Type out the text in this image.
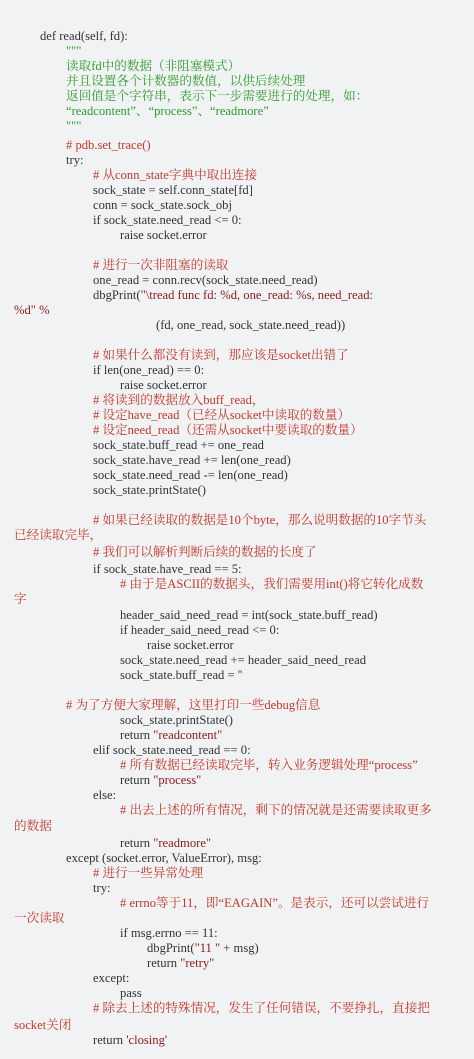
def read(self, fd):
"""
读取fd中的数据（非阻塞模式）
并且设置各个计数器的数值，以供后续处理
返回值是个字符串，表示下一步需要进行的处理，如：
“readcontent”、“process”、“readmore”
"""
# pdb.set_trace()
try:
# 从conn_state字典中取出连接
sock_state = self.conn_state[fd]
conn = sock_state.sock_obj
if sock_state.need_read <= 0:
raise socket.error
# 进行一次非阻塞的读取
one_read = conn.recv(sock_state.need_read)
dbgPrint("\tread func fd: %d, one_read: %s, need_read:
%d" %
(fd, one_read, sock_state.need_read))
# 如果什么都没有读到，那应该是socket出错了
if len(one_read) == 0:
raise socket.error
# 将读到的数据放入buff_read，
# 设定have_read（已经从socket中读取的数量）
# 设定need_read（还需从socket中要读取的数量）
sock_state.buff_read += one_read
sock_state.have_read += len(one_read)
sock_state.need_read -= len(one_read)
sock_state.printState()
# 如果已经读取的数据是10个byte，那么说明数据的10字节头
已经读取完毕，
# 我们可以解析判断后续的数据的长度了
if sock_state.have_read == 5:
# 由于是ASCII的数据头，我们需要用int()将它转化成数
字
header_said_need_read = int(sock_state.buff_read)
if header_said_need_read <= 0:
raise socket.error
sock_state.need_read += header_said_need_read
sock_state.buff_read = ''
# 为了方便大家理解，这里打印一些debug信息
sock_state.printState()
return "readcontent"
elif sock_state.need_read == 0:
# 所有数据已经读取完毕，转入业务逻辑处理“process”
return "process"
else:
# 出去上述的所有情况，剩下的情况就是还需要读取更多
的数据
return "readmore"
except (socket.error, ValueError), msg:
# 进行一些异常处理
try:
# errno等于11，即“EAGAIN”。是表示，还可以尝试进行
一次读取
if msg.errno == 11:
dbgPrint("11 " + msg)
return "retry"
except:
pass
# 除去上述的特殊情况，发生了任何错误，不要挣扎，直接把
socket关闭
return 'closing'
